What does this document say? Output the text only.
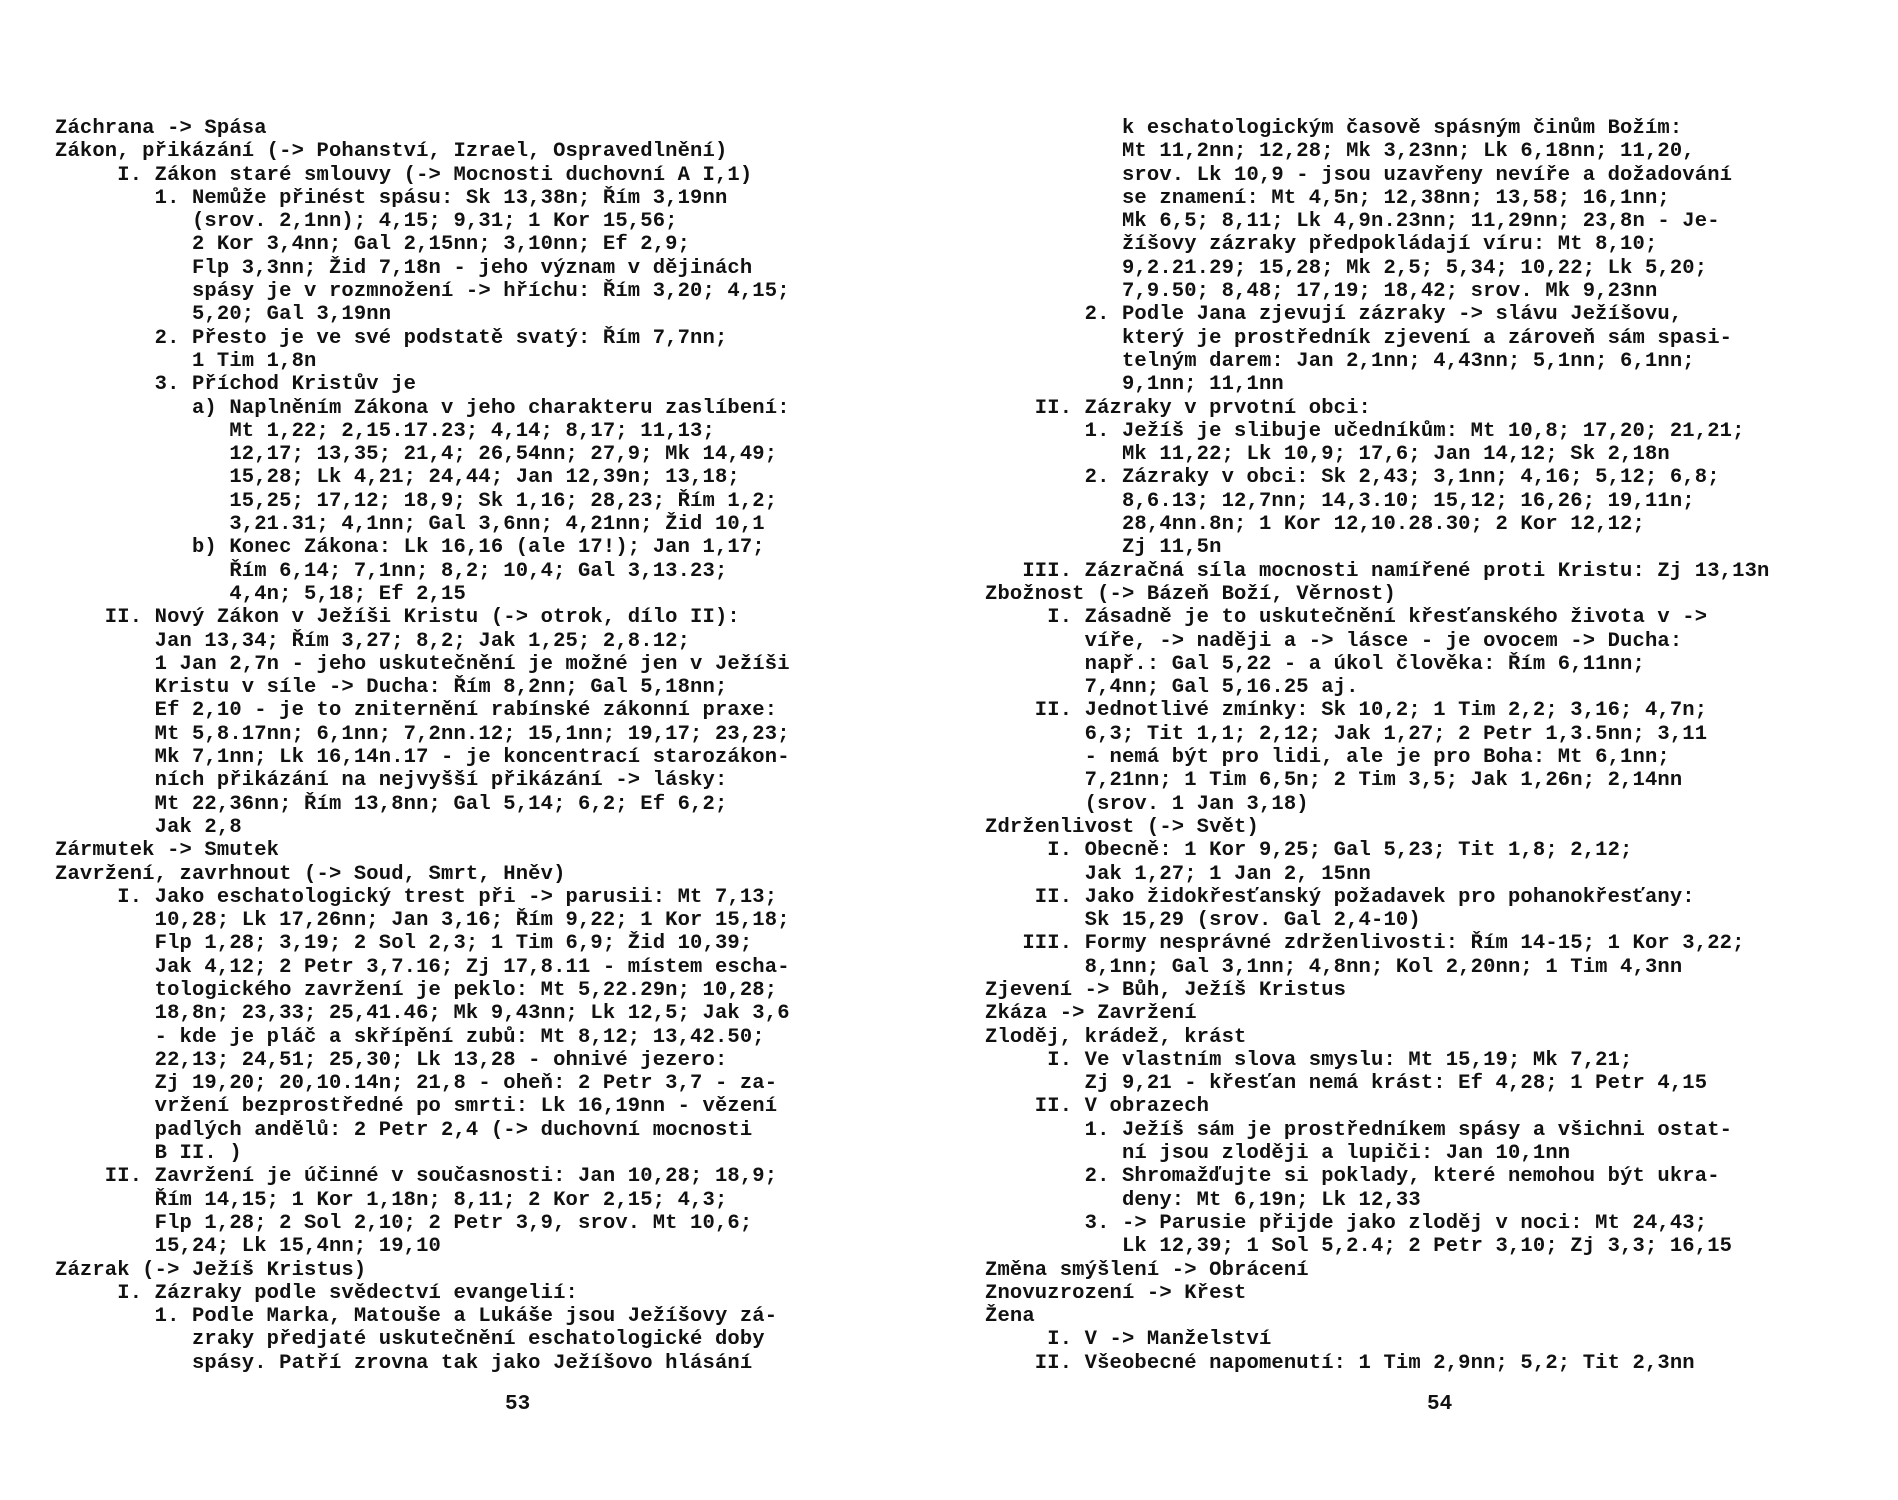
Záchrana -> Spása
Zákon, přikázání (-> Pohanství, Izrael, Ospravedlnění)
I. Zákon staré smlouvy (-> Mocnosti duchovní A I,1)
1. Nemůže přinést spásu: Sk 13,38n; Řím 3,19nn
(srov. 2,1nn); 4,15; 9,31; 1 Kor 15,56;
2 Kor 3,4nn; Gal 2,15nn; 3,10nn; Ef 2,9;
Flp 3,3nn; Žid 7,18n - jeho význam v dějinách
spásy je v rozmnožení -> hříchu: Řím 3,20; 4,15;
5,20; Gal 3,19nn
2. Přesto je ve své podstatě svatý: Řím 7,7nn;
1 Tim 1,8n
3. Příchod Kristův je
a) Naplněním Zákona v jeho charakteru zaslíbení:
Mt 1,22; 2,15.17.23; 4,14; 8,17; 11,13;
12,17; 13,35; 21,4; 26,54nn; 27,9; Mk 14,49;
15,28; Lk 4,21; 24,44; Jan 12,39n; 13,18;
15,25; 17,12; 18,9; Sk 1,16; 28,23; Řím 1,2;
3,21.31; 4,1nn; Gal 3,6nn; 4,21nn; Žid 10,1
b) Konec Zákona: Lk 16,16 (ale 17!); Jan 1,17;
Řím 6,14; 7,1nn; 8,2; 10,4; Gal 3,13.23;
4,4n; 5,18; Ef 2,15
II. Nový Zákon v Ježíši Kristu (-> otrok, dílo II):
Jan 13,34; Řím 3,27; 8,2; Jak 1,25; 2,8.12;
1 Jan 2,7n - jeho uskutečnění je možné jen v Ježíši
Kristu v síle -> Ducha: Řím 8,2nn; Gal 5,18nn;
Ef 2,10 - je to zniternění rabínské zákonní praxe:
Mt 5,8.17nn; 6,1nn; 7,2nn.12; 15,1nn; 19,17; 23,23;
Mk 7,1nn; Lk 16,14n.17 - je koncentrací starozákon-
ních přikázání na nejvyšší přikázání -> lásky:
Mt 22,36nn; Řím 13,8nn; Gal 5,14; 6,2; Ef 6,2;
Jak 2,8
Zármutek -> Smutek
Zavržení, zavrhnout (-> Soud, Smrt, Hněv)
I. Jako eschatologický trest při -> parusii: Mt 7,13;
10,28; Lk 17,26nn; Jan 3,16; Řím 9,22; 1 Kor 15,18;
Flp 1,28; 3,19; 2 Sol 2,3; 1 Tim 6,9; Žid 10,39;
Jak 4,12; 2 Petr 3,7.16; Zj 17,8.11 - místem escha-
tologického zavržení je peklo: Mt 5,22.29n; 10,28;
18,8n; 23,33; 25,41.46; Mk 9,43nn; Lk 12,5; Jak 3,6
- kde je pláč a skřípění zubů: Mt 8,12; 13,42.50;
22,13; 24,51; 25,30; Lk 13,28 - ohnivé jezero:
Zj 19,20; 20,10.14n; 21,8 - oheň: 2 Petr 3,7 - za-
vržení bezprostředné po smrti: Lk 16,19nn - vězení
padlých andělů: 2 Petr 2,4 (-> duchovní mocnosti
B II. )
II. Zavržení je účinné v současnosti: Jan 10,28; 18,9;
Řím 14,15; 1 Kor 1,18n; 8,11; 2 Kor 2,15; 4,3;
Flp 1,28; 2 Sol 2,10; 2 Petr 3,9, srov. Mt 10,6;
15,24; Lk 15,4nn; 19,10
Zázrak (-> Ježíš Kristus)
I. Zázraky podle svědectví evangelií:
1. Podle Marka, Matouše a Lukáše jsou Ježíšovy zá-
zraky předjaté uskutečnění eschatologické doby
spásy. Patří zrovna tak jako Ježíšovo hlásání
k eschatologickým časově spásným činům Božím:
Mt 11,2nn; 12,28; Mk 3,23nn; Lk 6,18nn; 11,20,
srov. Lk 10,9 - jsou uzavřeny nevíře a dožadování
se znamení: Mt 4,5n; 12,38nn; 13,58; 16,1nn;
Mk 6,5; 8,11; Lk 4,9n.23nn; 11,29nn; 23,8n - Je-
žíšovy zázraky předpokládají víru: Mt 8,10;
9,2.21.29; 15,28; Mk 2,5; 5,34; 10,22; Lk 5,20;
7,9.50; 8,48; 17,19; 18,42; srov. Mk 9,23nn
2. Podle Jana zjevují zázraky -> slávu Ježíšovu,
který je prostředník zjevení a zároveň sám spasi-
telným darem: Jan 2,1nn; 4,43nn; 5,1nn; 6,1nn;
9,1nn; 11,1nn
II. Zázraky v prvotní obci:
1. Ježíš je slibuje učedníkům: Mt 10,8; 17,20; 21,21;
Mk 11,22; Lk 10,9; 17,6; Jan 14,12; Sk 2,18n
2. Zázraky v obci: Sk 2,43; 3,1nn; 4,16; 5,12; 6,8;
8,6.13; 12,7nn; 14,3.10; 15,12; 16,26; 19,11n;
28,4nn.8n; 1 Kor 12,10.28.30; 2 Kor 12,12;
Zj 11,5n
III. Zázračná síla mocnosti namířené proti Kristu: Zj 13,13n
Zbožnost (-> Bázeň Boží, Věrnost)
I. Zásadně je to uskutečnění křesťanského života v ->
víře, -> naději a -> lásce - je ovocem -> Ducha:
např.: Gal 5,22 - a úkol člověka: Řím 6,11nn;
7,4nn; Gal 5,16.25 aj.
II. Jednotlivé zmínky: Sk 10,2; 1 Tim 2,2; 3,16; 4,7n;
6,3; Tit 1,1; 2,12; Jak 1,27; 2 Petr 1,3.5nn; 3,11
- nemá být pro lidi, ale je pro Boha: Mt 6,1nn;
7,21nn; 1 Tim 6,5n; 2 Tim 3,5; Jak 1,26n; 2,14nn
(srov. 1 Jan 3,18)
Zdrženlivost (-> Svět)
I. Obecně: 1 Kor 9,25; Gal 5,23; Tit 1,8; 2,12;
Jak 1,27; 1 Jan 2, 15nn
II. Jako židokřesťanský požadavek pro pohanokřesťany:
Sk 15,29 (srov. Gal 2,4-10)
III. Formy nesprávné zdrženlivosti: Řím 14-15; 1 Kor 3,22;
8,1nn; Gal 3,1nn; 4,8nn; Kol 2,20nn; 1 Tim 4,3nn
Zjevení -> Bůh, Ježíš Kristus
Zkáza -> Zavržení
Zloděj, krádež, krást
I. Ve vlastním slova smyslu: Mt 15,19; Mk 7,21;
Zj 9,21 - křesťan nemá krást: Ef 4,28; 1 Petr 4,15
II. V obrazech
1. Ježíš sám je prostředníkem spásy a všichni ostat-
ní jsou zloději a lupiči: Jan 10,1nn
2. Shromažďujte si poklady, které nemohou být ukra-
deny: Mt 6,19n; Lk 12,33
3. -> Parusie přijde jako zloděj v noci: Mt 24,43;
Lk 12,39; 1 Sol 5,2.4; 2 Petr 3,10; Zj 3,3; 16,15
Změna smýšlení -> Obrácení
Znovuzrození -> Křest
Žena
I. V -> Manželství
II. Všeobecné napomenutí: 1 Tim 2,9nn; 5,2; Tit 2,3nn
53	54
